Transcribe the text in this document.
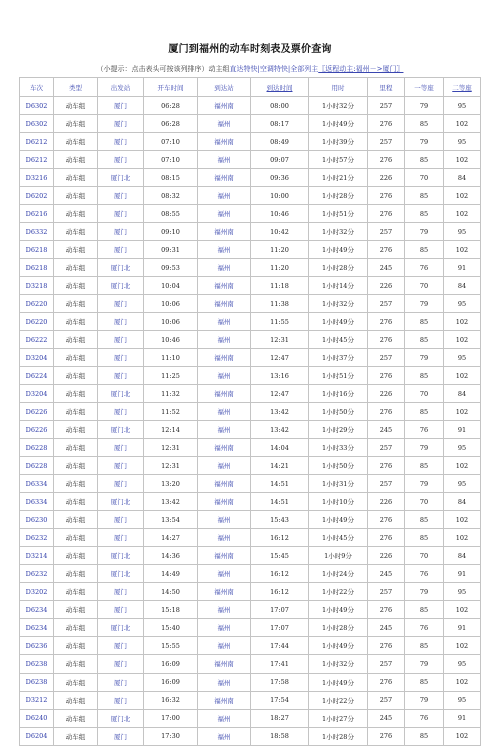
厦门到福州的动车时刻表及票价查询
（小提示：点击表头可按该列排序）动主组直达特快|空调特快|全部列主〖返程动主:福州－>厦门〗
车次	类型	出发站	开车时间	到达站	到达时间	用时	里程	一等座	二等座
D6302	动车组	厦门	06:28	福州南	08:00	1小时32分	257	79	95
D6302	动车组	厦门	06:28	福州	08:17	1小时49分	276	85	102
D6212	动车组	厦门	07:10	福州南	08:49	1小时39分	257	79	95
D6212	动车组	厦门	07:10	福州	09:07	1小时57分	276	85	102
D3216	动车组	厦门北	08:15	福州南	09:36	1小时21分	226	70	84
D6202	动车组	厦门	08:32	福州	10:00	1小时28分	276	85	102
D6216	动车组	厦门	08:55	福州	10:46	1小时51分	276	85	102
D6332	动车组	厦门	09:10	福州南	10:42	1小时32分	257	79	95
D6218	动车组	厦门	09:31	福州	11:20	1小时49分	276	85	102
D6218	动车组	厦门北	09:53	福州	11:20	1小时28分	245	76	91
D3218	动车组	厦门北	10:04	福州南	11:18	1小时14分	226	70	84
D6220	动车组	厦门	10:06	福州南	11:38	1小时32分	257	79	95
D6220	动车组	厦门	10:06	福州	11:55	1小时49分	276	85	102
D6222	动车组	厦门	10:46	福州	12:31	1小时45分	276	85	102
D3204	动车组	厦门	11:10	福州南	12:47	1小时37分	257	79	95
D6224	动车组	厦门	11:25	福州	13:16	1小时51分	276	85	102
D3204	动车组	厦门北	11:32	福州南	12:47	1小时16分	226	70	84
D6226	动车组	厦门	11:52	福州	13:42	1小时50分	276	85	102
D6226	动车组	厦门北	12:14	福州	13:42	1小时29分	245	76	91
D6228	动车组	厦门	12:31	福州南	14:04	1小时33分	257	79	95
D6228	动车组	厦门	12:31	福州	14:21	1小时50分	276	85	102
D6334	动车组	厦门	13:20	福州南	14:51	1小时31分	257	79	95
D6334	动车组	厦门北	13:42	福州南	14:51	1小时10分	226	70	84
D6230	动车组	厦门	13:54	福州	15:43	1小时49分	276	85	102
D6232	动车组	厦门	14:27	福州	16:12	1小时45分	276	85	102
D3214	动车组	厦门北	14:36	福州南	15:45	1小时9分	226	70	84
D6232	动车组	厦门北	14:49	福州	16:12	1小时24分	245	76	91
D3202	动车组	厦门	14:50	福州南	16:12	1小时22分	257	79	95
D6234	动车组	厦门	15:18	福州	17:07	1小时49分	276	85	102
D6234	动车组	厦门北	15:40	福州	17:07	1小时28分	245	76	91
D6236	动车组	厦门	15:55	福州	17:44	1小时49分	276	85	102
D6238	动车组	厦门	16:09	福州南	17:41	1小时32分	257	79	95
D6238	动车组	厦门	16:09	福州	17:58	1小时49分	276	85	102
D3212	动车组	厦门	16:32	福州南	17:54	1小时22分	257	79	95
D6240	动车组	厦门北	17:00	福州	18:27	1小时27分	245	76	91
D6204	动车组	厦门	17:30	福州	18:58	1小时28分	276	85	102
